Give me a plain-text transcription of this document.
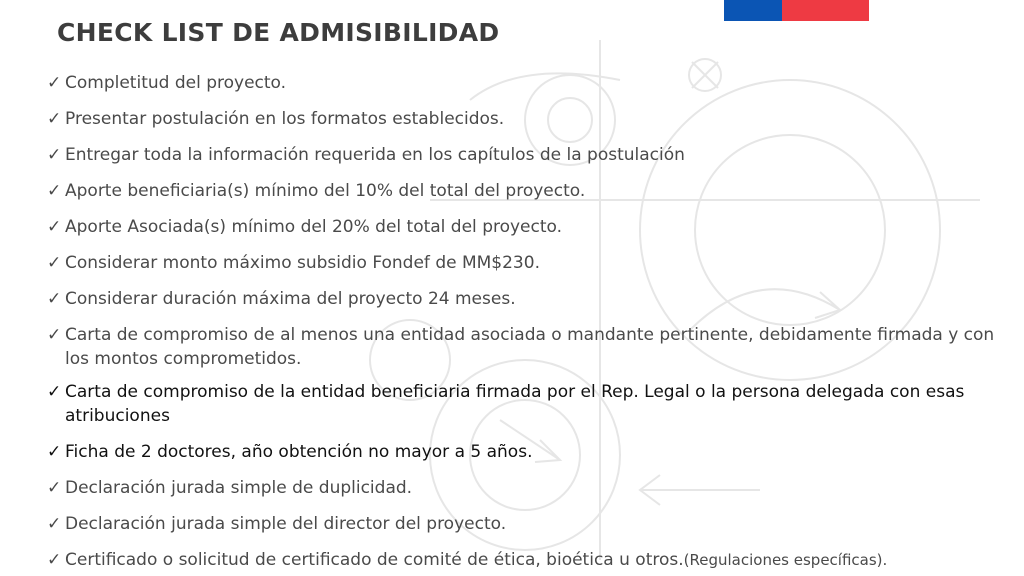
CHECK LIST DE ADMISIBILIDAD
✓ Completitud del proyecto.
✓ Presentar postulación en los formatos establecidos.
✓ Entregar toda la información requerida en los capítulos de la postulación
✓ Aporte beneficiaria(s) mínimo del 10% del total del proyecto.
✓ Aporte Asociada(s) mínimo del 20% del total del proyecto.
✓ Considerar monto máximo subsidio Fondef de MM$230.
✓ Considerar duración máxima del proyecto 24 meses.
✓ Carta de compromiso de al menos una entidad asociada o mandante pertinente, debidamente firmada y con los montos comprometidos.
✓ Carta de compromiso de la entidad beneficiaria firmada por el Rep. Legal o la persona delegada con esas atribuciones
✓ Ficha de 2 doctores, año obtención no mayor a 5 años.
✓ Declaración jurada simple de duplicidad.
✓ Declaración jurada simple del director del proyecto.
✓ Certificado o solicitud de certificado de comité de ética, bioética u otros.(Regulaciones específicas).
